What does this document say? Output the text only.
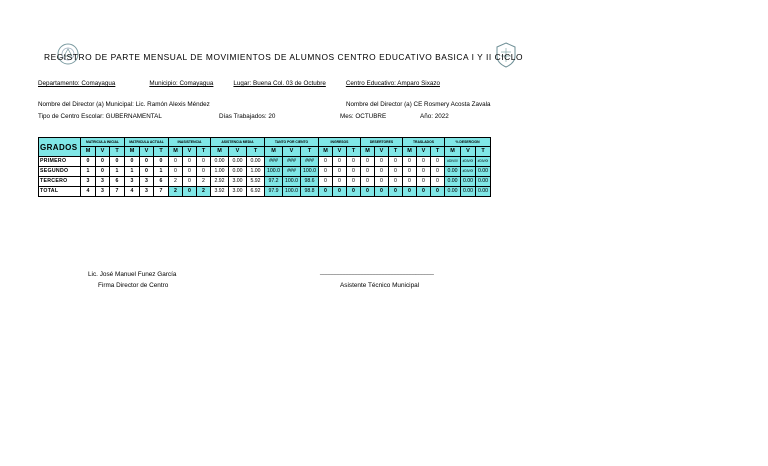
REGISTRO DE PARTE MENSUAL DE MOVIMIENTOS DE ALUMNOS CENTRO EDUCATIVO BASICA I Y II CICLO
Departamento: Comayagua	Municipio: Comayagua	Lugar: Buena Col. 03 de Octubre	Centro Educativo: Amparo Sixazo
Nombre del Director (a) Municipal: Lic. Ramón Alexis Méndez	Nombre del Director (a) CE Rosmery Acosta Zavala
Tipo de Centro Escolar: GUBERNAMENTAL	Días Trabajados: 20	Mes: OCTUBRE	Año: 2022
GRADOS	MATRICULA INICIAL			MATRICULA ACTUAL			INASISTENCIA			ASISTENCIA MEDIA			TANTO POR CIENTO			INGRESOS			DESERTORES			TRASLADOS			% DESERCION		
	M	V	T	M	V	T	M	V	T	M	V	T	M	V	T	M	V	T	M	V	T	M	V	T	M	V	T
PRIMERO	0	0	0	0	0	0	0	0	0	0.00	0.00	0.00	###	###	###	0	0	0	0	0	0	0	0	0	#DIV/0!	#DIV/0!	#DIV/0!
SEGUNDO	1	0	1	1	0	1	0	0	0	1.00	0.00	1.00	100.0	###	100.0	0	0	0	0	0	0	0	0	0	0.00	#DIV/0!	0.00
TERCERO	3	3	6	3	3	6	2	0	2	2.92	3.00	5.92	97.2	100.0	98.6	0	0	0	0	0	0	0	0	0	0.00	0.00	0.00
TOTAL	4	3	7	4	3	7	2	0	2	3.92	3.00	6.92	97.9	100.0	98.8	0	0	0	0	0	0	0	0	0	0.00	0.00	0.00
Lic. José Manuel Funez García
Firma Director de Centro
______________________________________
Asistente Técnico Municipal
